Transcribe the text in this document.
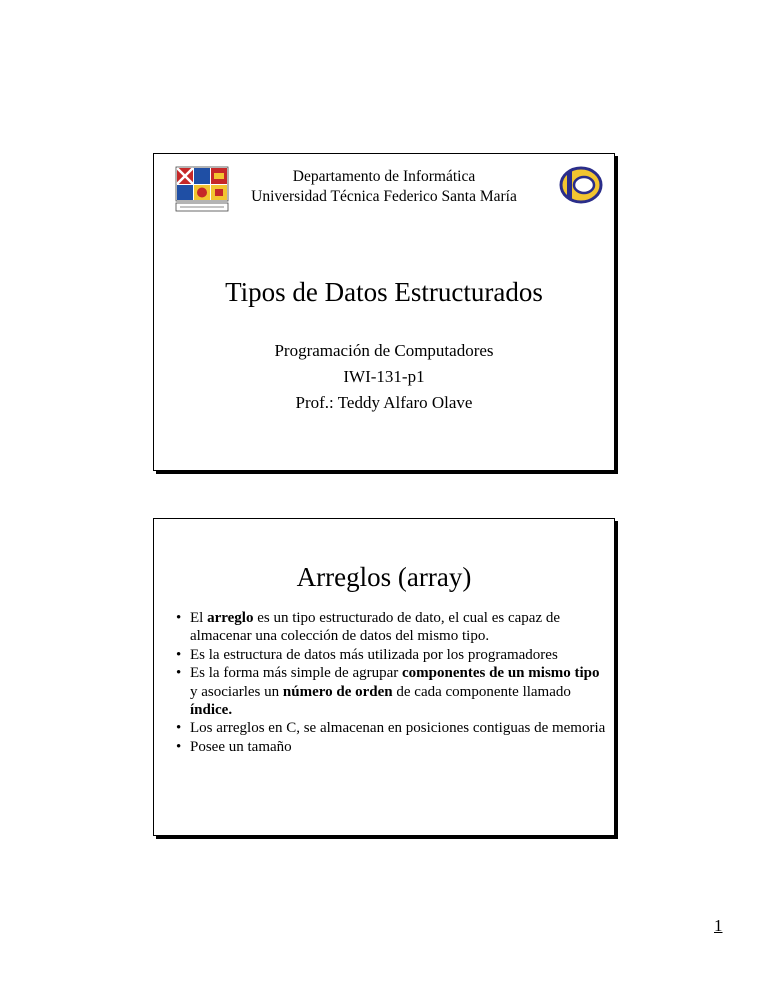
Departamento de Informática
Universidad Técnica Federico Santa María
Tipos de Datos Estructurados
Programación de Computadores
IWI-131-p1
Prof.: Teddy Alfaro Olave
Arreglos (array)
• El arreglo es un tipo estructurado de dato, el cual es capaz de almacenar una colección de datos del mismo tipo.
• Es la estructura de datos más utilizada por los programadores
• Es la forma más simple de agrupar componentes de un mismo tipo y asociarles un número de orden de cada componente llamado índice.
• Los arreglos en C, se almacenan en posiciones contiguas de memoria
• Posee un tamaño
1
